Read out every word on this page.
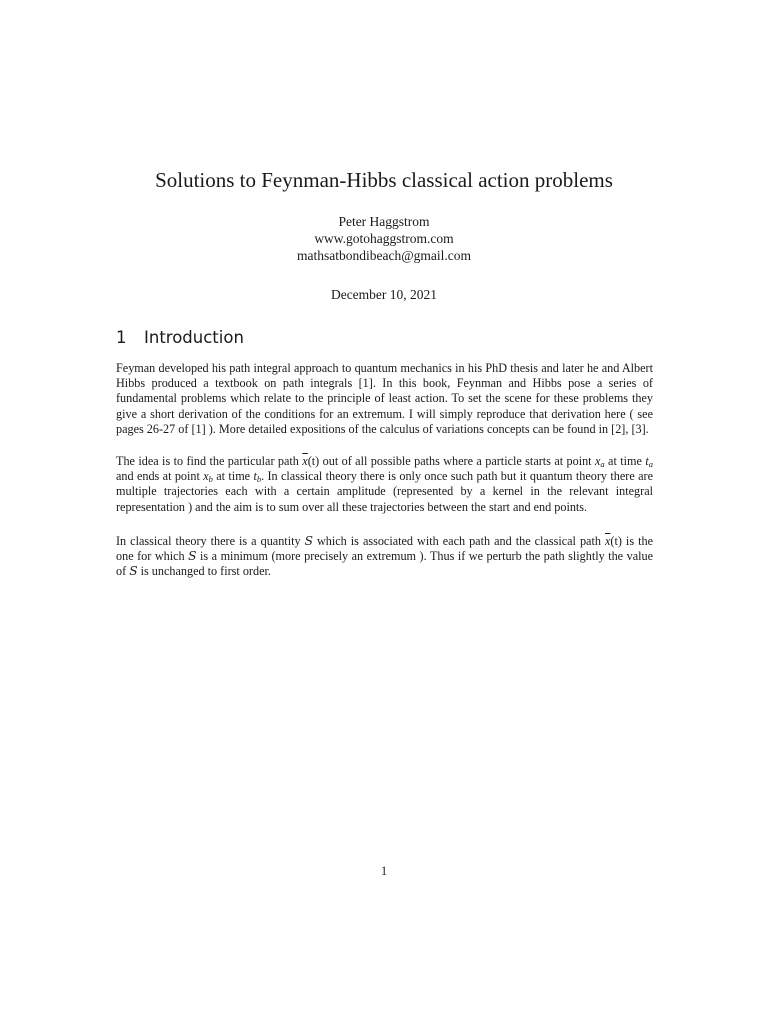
Solutions to Feynman-Hibbs classical action problems
Peter Haggstrom
www.gotohaggstrom.com
mathsatbondibeach@gmail.com
December 10, 2021
1 Introduction

Feyman developed his path integral approach to quantum mechanics in his PhD thesis and later he and Albert Hibbs produced a textbook on path integrals [1]. In this book, Feynman and Hibbs pose a series of fundamental problems which relate to the principle of least action. To set the scene for these problems they give a short derivation of the conditions for an extremum. I will simply reproduce that derivation here ( see pages 26-27 of [1] ). More detailed expositions of the calculus of variations concepts can be found in [2], [3].

The idea is to find the particular path $\overline{x}(t)$ out of all possible paths where a particle starts at point $x_a$ at time $t_a$ and ends at point $x_b$ at time $t_b$. In classical theory there is only once such path but it quantum theory there are multiple trajectories each with a certain amplitude (represented by a kernel in the relevant integral representation ) and the aim is to sum over all these trajectories between the start and end points.

In classical theory there is a quantity S which is associated with each path and the classical path $\overline{x}(t)$ is the one for which S is a minimum (more precisely an extremum ). Thus if we perturb the path slightly the value of S is unchanged to first order.

1
